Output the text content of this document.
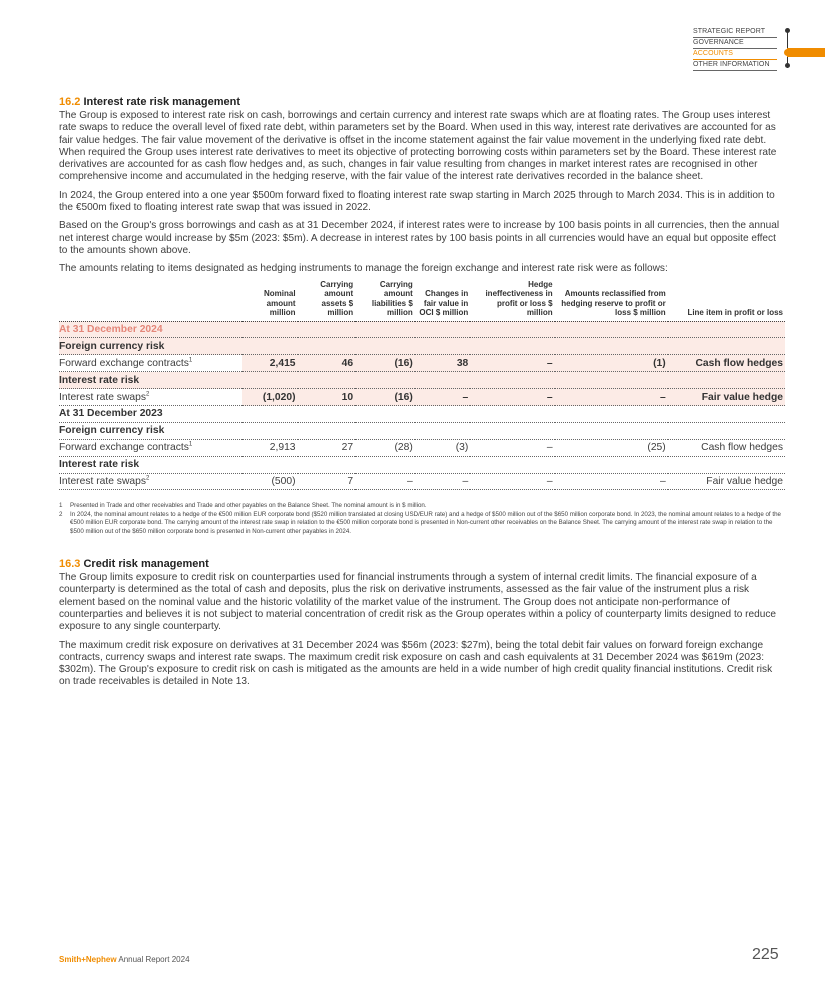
STRATEGIC REPORT
GOVERNANCE
ACCOUNTS
OTHER INFORMATION
16.2 Interest rate risk management

The Group is exposed to interest rate risk on cash, borrowings and certain currency and interest rate swaps which are at floating rates. The Group uses interest rate swaps to reduce the overall level of fixed rate debt, within parameters set by the Board. When used in this way, interest rate derivatives are accounted for as fair value hedges. The fair value movement of the derivative is offset in the income statement against the fair value movement in the underlying fixed rate debt. When required the Group uses interest rate derivatives to meet its objective of protecting borrowing costs within parameters set by the Board. These interest rate derivatives are accounted for as cash flow hedges and, as such, changes in fair value resulting from changes in market interest rates are recognised in other comprehensive income and accumulated in the hedging reserve, with the fair value of the interest rate derivatives recorded in the balance sheet.

In 2024, the Group entered into a one year $500m forward fixed to floating interest rate swap starting in March 2025 through to March 2034. This is in addition to the €500m fixed to floating interest rate swap that was issued in 2022.

Based on the Group's gross borrowings and cash as at 31 December 2024, if interest rates were to increase by 100 basis points in all currencies, then the annual net interest charge would increase by $5m (2023: $5m). A decrease in interest rates by 100 basis points in all currencies would have an equal but opposite effect to the amounts shown above.

The amounts relating to items designated as hedging instruments to manage the foreign exchange and interest rate risk were as follows:

	Nominal amount million	Carrying amount assets $ million	Carrying amount liabilities $ million	Changes in fair value in OCI $ million	Hedge ineffectiveness in profit or loss $ million	Amounts reclassified from hedging reserve to profit or loss $ million	Line item in profit or loss
At 31 December 2024							
Foreign currency risk							
Forward exchange contracts$^1$	2,415	46	(16)	38	–	(1)	Cash flow hedges
Interest rate risk							
Interest rate swaps$^2$	(1,020)	10	(16)	–	–	–	Fair value hedge
At 31 December 2023							
Foreign currency risk							
Forward exchange contracts$^1$	2,913	27	(28)	(3)	–	(25)	Cash flow hedges
Interest rate risk							
Interest rate swaps$^2$	(500)	7	–	–	–	–	Fair value hedge
1	Presented in Trade and other receivables and Trade and other payables on the Balance Sheet. The nominal amount is in $ million.
2	In 2024, the nominal amount relates to a hedge of the €500 million EUR corporate bond ($520 million translated at closing USD/EUR rate) and a hedge of $500 million out of the $650 million corporate bond. In 2023, the nominal amount relates to a hedge of the €500 million EUR corporate bond. The carrying amount of the interest rate swap in relation to the €500 million corporate bond is presented in Non-current other receivables on the Balance Sheet. The carrying amount of the interest rate swap in relation to the $500 million out of the $650 million corporate bond is presented in Non-current other payables in 2024.
16.3 Credit risk management

The Group limits exposure to credit risk on counterparties used for financial instruments through a system of internal credit limits. The financial exposure of a counterparty is determined as the total of cash and deposits, plus the risk on derivative instruments, assessed as the fair value of the instrument plus a risk element based on the nominal value and the historic volatility of the market value of the instrument. The Group does not anticipate non-performance of counterparties and believes it is not subject to material concentration of credit risk as the Group operates within a policy of counterparty limits designed to reduce exposure to any single counterparty.

The maximum credit risk exposure on derivatives at 31 December 2024 was $56m (2023: $27m), being the total debit fair values on forward foreign exchange contracts, currency swaps and interest rate swaps. The maximum credit risk exposure on cash and cash equivalents at 31 December 2024 was $619m (2023: $302m). The Group's exposure to credit risk on cash is mitigated as the amounts are held in a wide number of high credit quality financial institutions. Credit risk on trade receivables is detailed in Note 13.

Smith+Nephew Annual Report 2024	225
